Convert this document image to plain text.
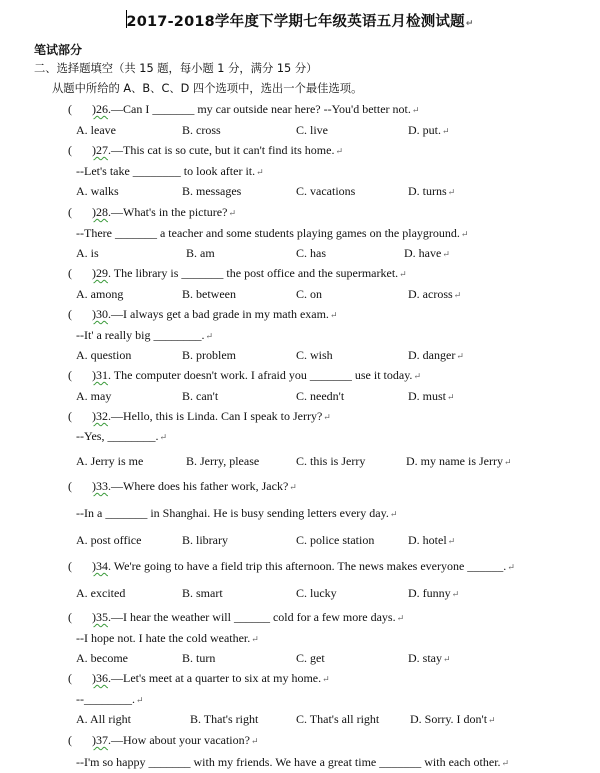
2017-2018学年度下学期七年级英语五月检测试题↵
笔试部分
二、选择题填空（共 15 题，每小题 1 分，满分 15 分）
从题中所给的 A、B、C、D 四个选项中，选出一个最佳选项。
( )26.—Can I _______ my car outside near here? --You'd better not.↵
A. leave	B. cross	C. live	D. put.↵
( )27.—This cat is so cute, but it can't find its home.↵
--Let's take ________ to look after it.↵
A. walks	B. messages	C. vacations	D. turns↵
( )28.—What's in the picture?↵
--There _______ a teacher and some students playing games on the playground.↵
A. is	B. am	C. has	D. have↵
( )29. The library is _______ the post office and the supermarket.↵
A. among	B. between	C. on	D. across↵
( )30.—I always get a bad grade in my math exam.↵
--It' a really big ________.↵
A. question	B. problem	C. wish	D. danger↵
( )31. The computer doesn't work. I afraid you _______ use it today.↵
A. may	B. can't	C. needn't	D. must↵
( )32.—Hello, this is Linda. Can I speak to Jerry?↵
--Yes, ________.↵
A. Jerry is me	B. Jerry, please	C. this is Jerry	D. my name is Jerry↵
( )33.—Where does his father work, Jack?↵
--In a _______ in Shanghai. He is busy sending letters every day.↵
A. post office	B. library	C. police station	D. hotel↵
( )34. We're going to have a field trip this afternoon. The news makes everyone ______.↵
A. excited	B. smart	C. lucky	D. funny↵
( )35.—I hear the weather will ______ cold for a few more days.↵
--I hope not. I hate the cold weather.↵
A. become	B. turn	C. get	D. stay↵
( )36.—Let's meet at a quarter to six at my home.↵
--________.↵
A. All right	B. That's right	C. That's all right	D. Sorry. I don't↵
( )37.—How about your vacation?↵
--I'm so happy _______ with my friends. We have a great time _______ with each other.↵
